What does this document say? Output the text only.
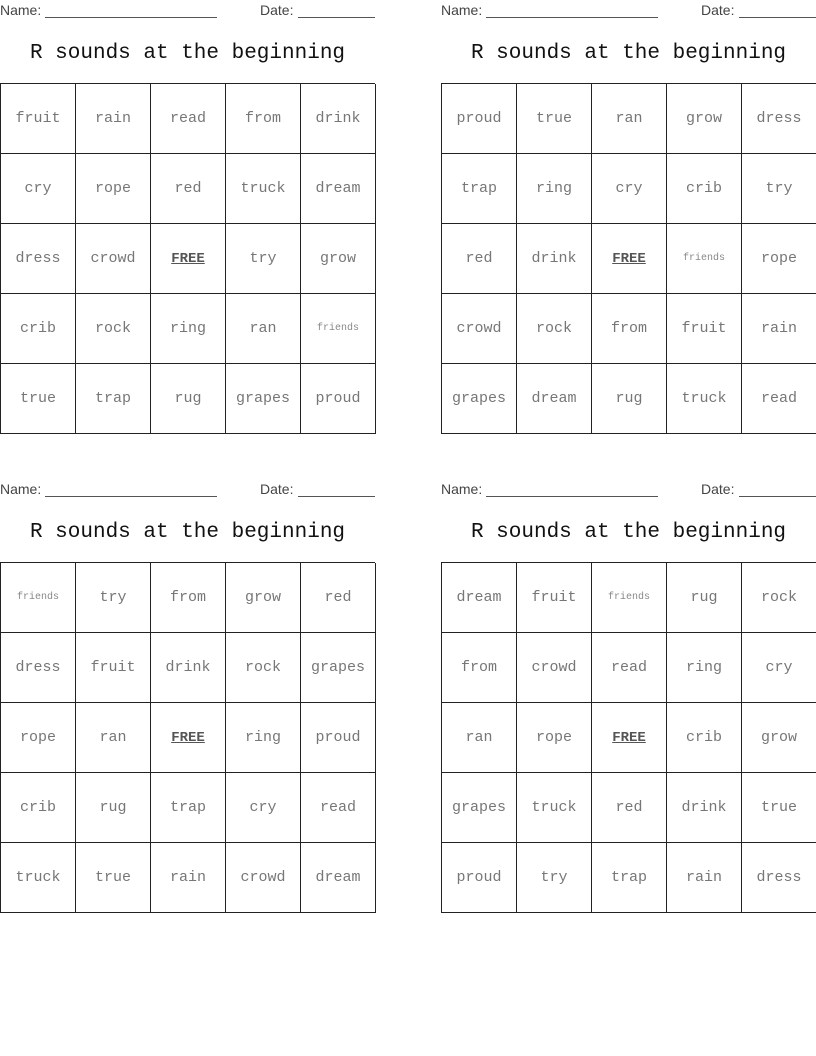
Name:	Date:
R sounds at the beginning
fruit	rain	read	from	drink
cry	rope	red	truck	dream
dress	crowd	FREE	try	grow
crib	rock	ring	ran	friends
true	trap	rug	grapes	proud
Name:	Date:
R sounds at the beginning
proud	true	ran	grow	dress
trap	ring	cry	crib	try
red	drink	FREE	friends	rope
crowd	rock	from	fruit	rain
grapes	dream	rug	truck	read
Name:	Date:
R sounds at the beginning
friends	try	from	grow	red
dress	fruit	drink	rock	grapes
rope	ran	FREE	ring	proud
crib	rug	trap	cry	read
truck	true	rain	crowd	dream
Name:	Date:
R sounds at the beginning
dream	fruit	friends	rug	rock
from	crowd	read	ring	cry
ran	rope	FREE	crib	grow
grapes	truck	red	drink	true
proud	try	trap	rain	dress
